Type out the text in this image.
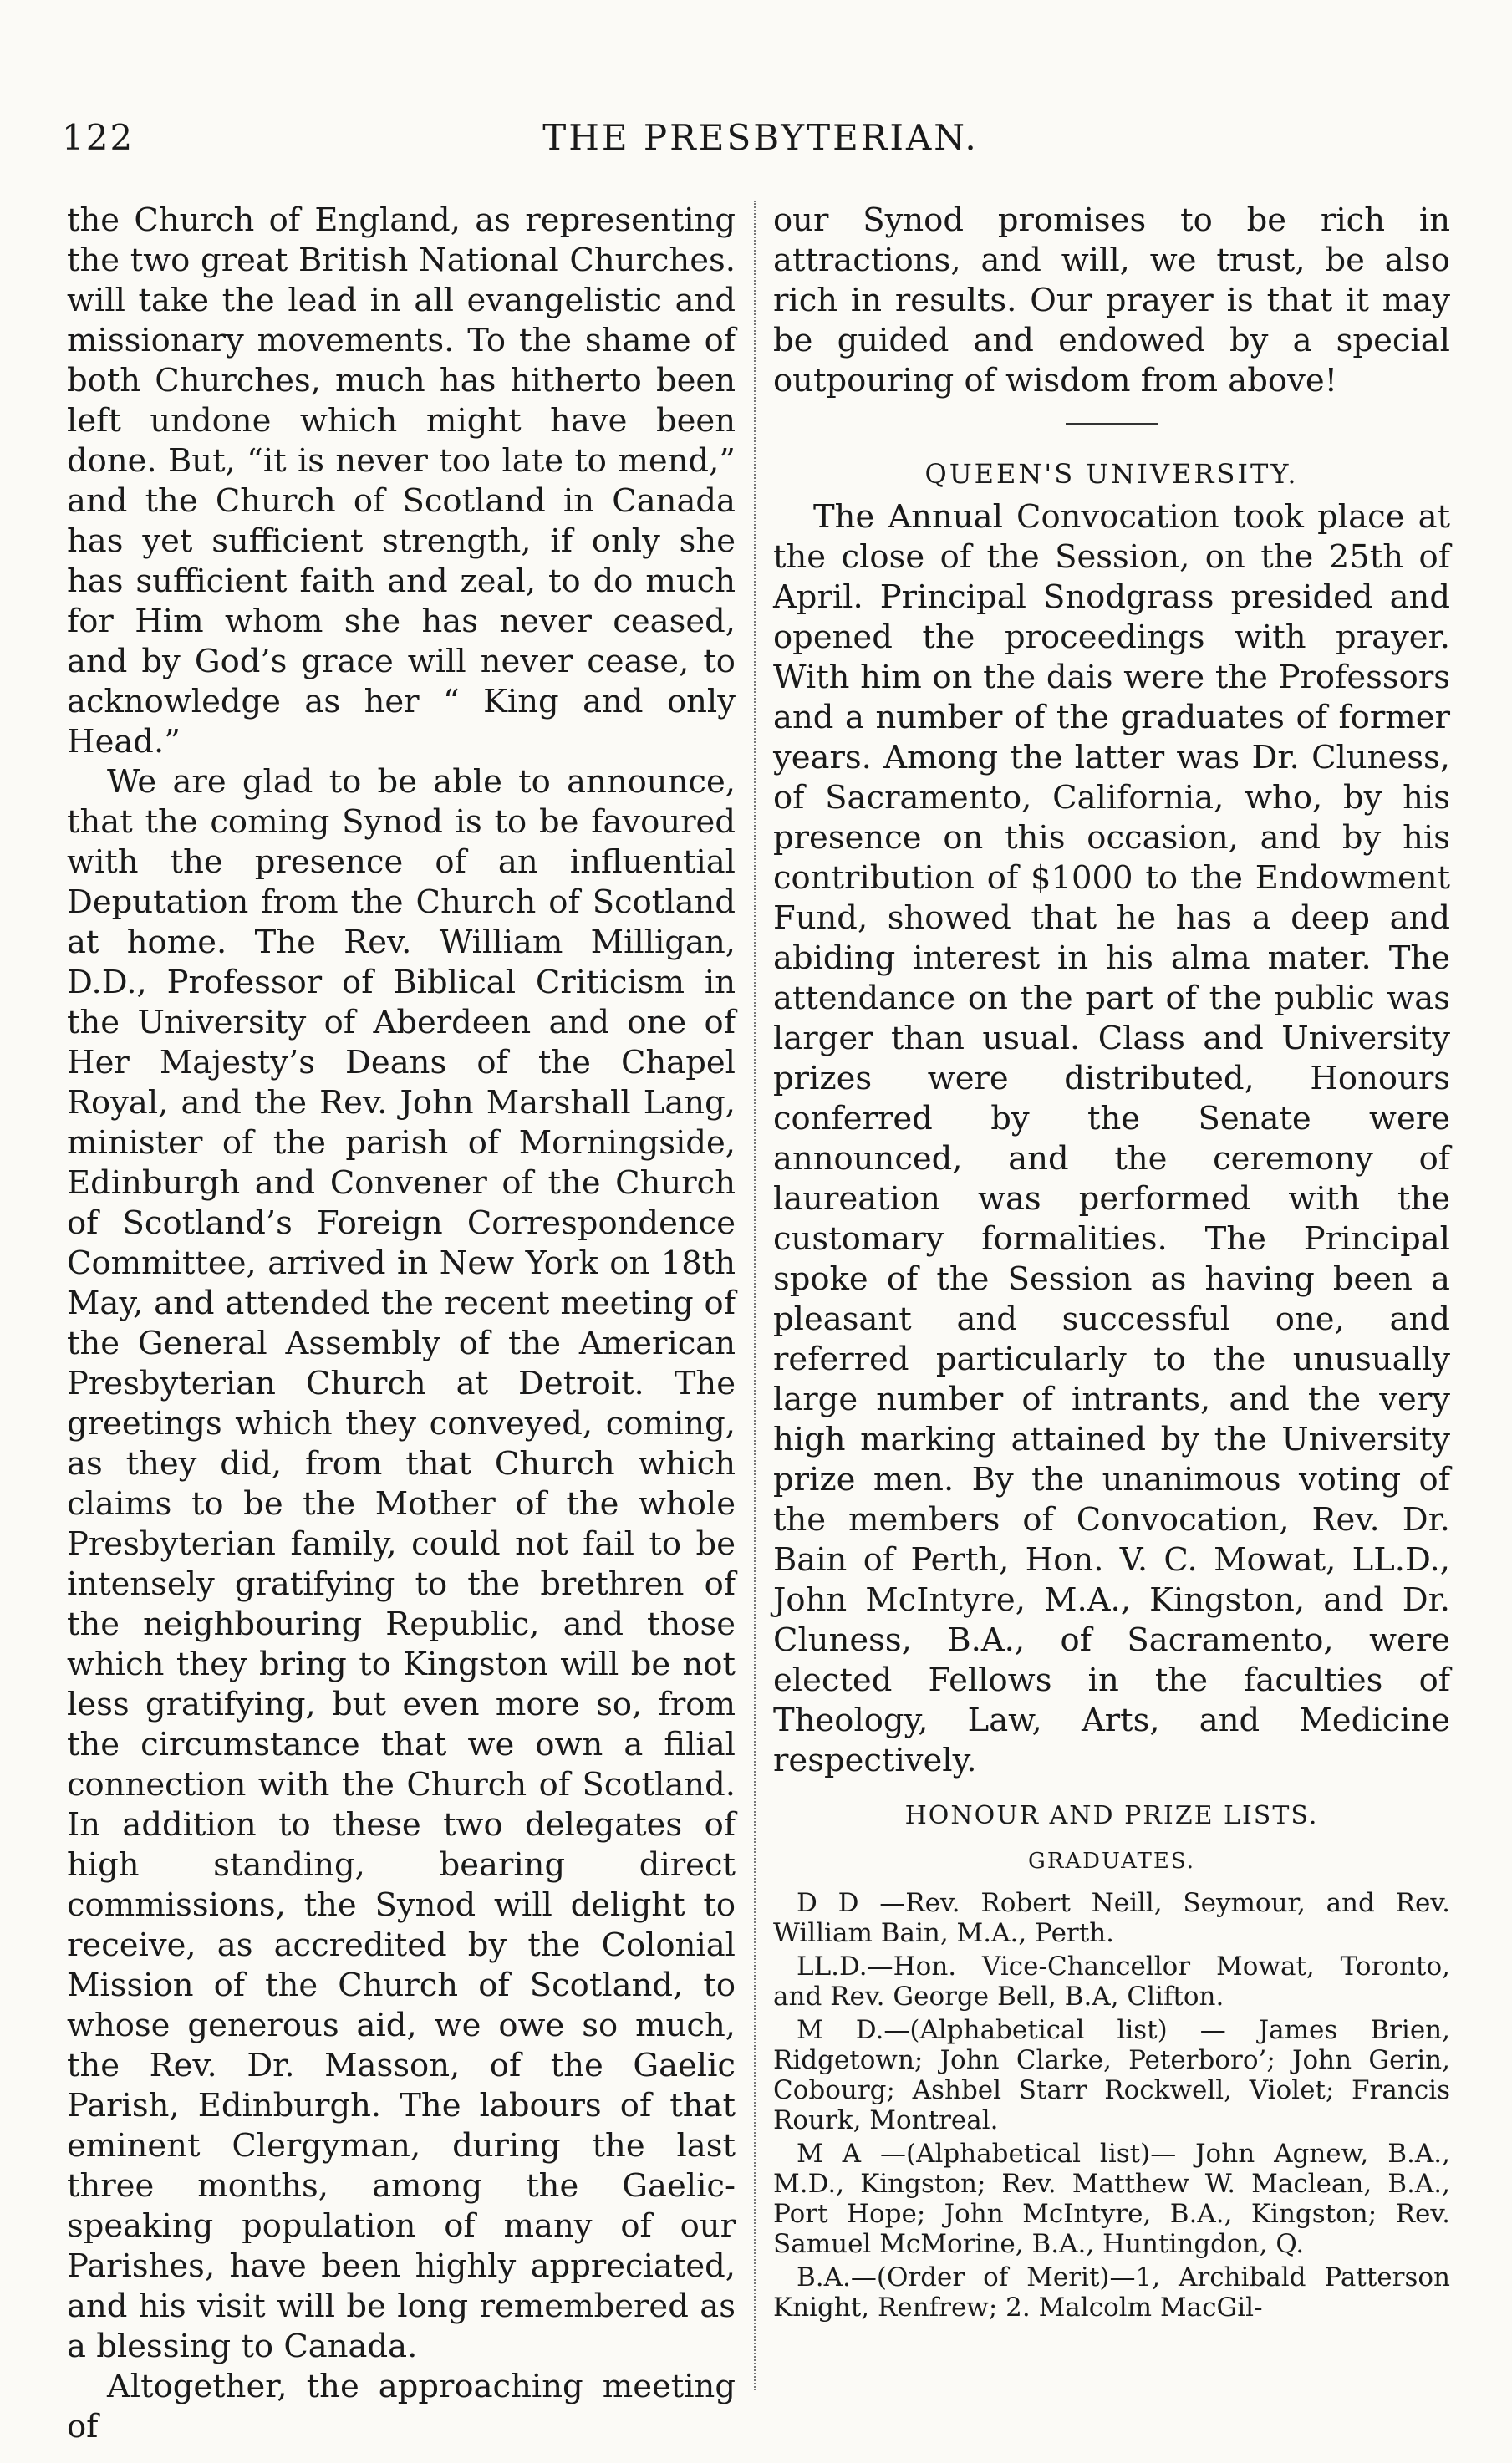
122	THE PRESBYTERIAN.

the Church of England, as representing the two great British National Churches. will take the lead in all evangelistic and missionary movements. To the shame of both Churches, much has hitherto been left undone which might have been done. But, “it is never too late to mend,” and the Church of Scotland in Canada has yet sufficient strength, if only she has sufficient faith and zeal, to do much for Him whom she has never ceased, and by God’s grace will never cease, to acknowledge as her “ King and only Head.”

We are glad to be able to announce, that the coming Synod is to be favoured with the presence of an influential Deputation from the Church of Scotland at home. The Rev. William Milligan, D.D., Professor of Biblical Criticism in the University of Aberdeen and one of Her Majesty’s Deans of the Chapel Royal, and the Rev. John Marshall Lang, minister of the parish of Morningside, Edinburgh and Convener of the Church of Scotland’s Foreign Correspondence Committee, arrived in New York on 18th May, and attended the recent meeting of the General Assembly of the American Presbyterian Church at Detroit. The greetings which they conveyed, coming, as they did, from that Church which claims to be the Mother of the whole Presbyterian family, could not fail to be intensely gratifying to the brethren of the neighbouring Republic, and those which they bring to Kingston will be not less gratifying, but even more so, from the circumstance that we own a filial connection with the Church of Scotland. In addition to these two delegates of high standing, bearing direct commissions, the Synod will delight to receive, as accredited by the Colonial Mission of the Church of Scotland, to whose generous aid, we owe so much, the Rev. Dr. Masson, of the Gaelic Parish, Edinburgh. The labours of that eminent Clergyman, during the last three months, among the Gaelic-speaking population of many of our Parishes, have been highly appreciated, and his visit will be long remembered as a blessing to Canada.

Altogether, the approaching meeting of

our Synod promises to be rich in attractions, and will, we trust, be also rich in results. Our prayer is that it may be guided and endowed by a special outpouring of wisdom from above!

QUEEN'S UNIVERSITY.

The Annual Convocation took place at the close of the Session, on the 25th of April. Principal Snodgrass presided and opened the proceedings with prayer. With him on the dais were the Professors and a number of the graduates of former years. Among the latter was Dr. Cluness, of Sacramento, California, who, by his presence on this occasion, and by his contribution of $1000 to the Endowment Fund, showed that he has a deep and abiding interest in his alma mater. The attendance on the part of the public was larger than usual. Class and University prizes were distributed, Honours conferred by the Senate were announced, and the ceremony of laureation was performed with the customary formalities. The Principal spoke of the Session as having been a pleasant and successful one, and referred particularly to the unusually large number of intrants, and the very high marking attained by the University prize men. By the unanimous voting of the members of Convocation, Rev. Dr. Bain of Perth, Hon. V. C. Mowat, LL.D., John McIntyre, M.A., Kingston, and Dr. Cluness, B.A., of Sacramento, were elected Fellows in the faculties of Theology, Law, Arts, and Medicine respectively.

HONOUR AND PRIZE LISTS.
GRADUATES.

D D —Rev. Robert Neill, Seymour, and Rev. William Bain, M.A., Perth.

LL.D.—Hon. Vice-Chancellor Mowat, Toronto, and Rev. George Bell, B.A, Clifton.

M D.—(Alphabetical list) — James Brien, Ridgetown; John Clarke, Peterboro’; John Gerin, Cobourg; Ashbel Starr Rockwell, Violet; Francis Rourk, Montreal.

M A —(Alphabetical list)— John Agnew, B.A., M.D., Kingston; Rev. Matthew W. Maclean, B.A., Port Hope; John McIntyre, B.A., Kingston; Rev. Samuel McMorine, B.A., Huntingdon, Q.

B.A.—(Order of Merit)—1, Archibald Patterson Knight, Renfrew; 2. Malcolm MacGil-
